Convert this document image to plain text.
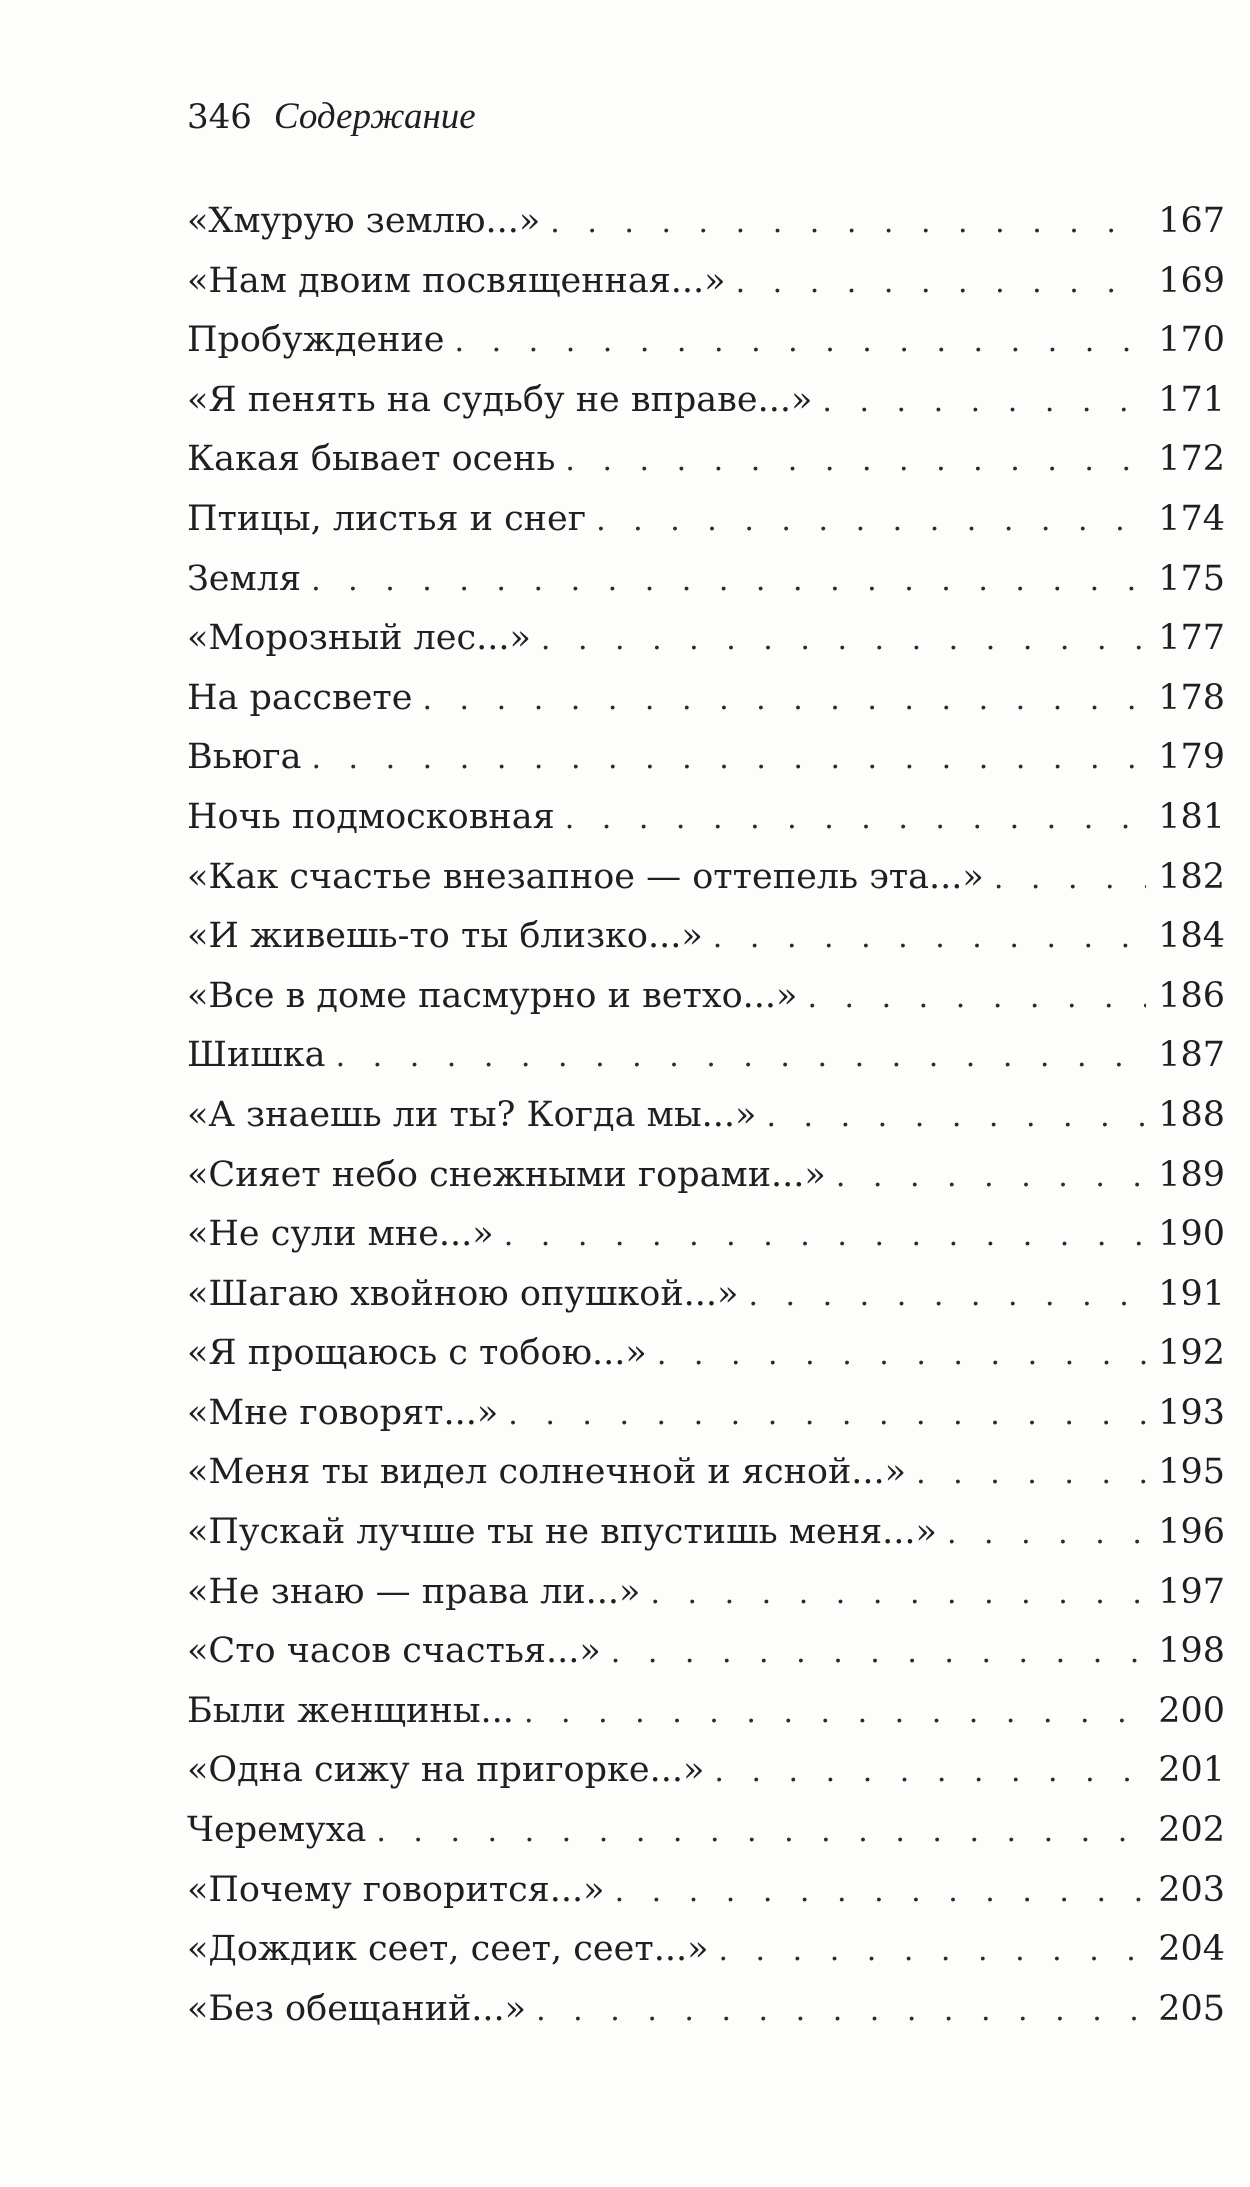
346 Содержание
«Хмурую землю...» . . .	167
«Нам двоим посвященная...» . . .	169
Пробуждение . . .	170
«Я пенять на судьбу не вправе...» . . .	171
Какая бывает осень . . .	172
Птицы, листья и снег . . .	174
Земля . . .	175
«Морозный лес...» . . .	177
На рассвете . . .	178
Вьюга . . .	179
Ночь подмосковная . . .	181
«Как счастье внезапное — оттепель эта...» . . .	182
«И живешь-то ты близко...» . . .	184
«Все в доме пасмурно и ветхо...» . . .	186
Шишка . . .	187
«А знаешь ли ты? Когда мы...» . . .	188
«Сияет небо снежными горами...» . . .	189
«Не сули мне...» . . .	190
«Шагаю хвойною опушкой...» . . .	191
«Я прощаюсь с тобою...» . . .	192
«Мне говорят...» . . .	193
«Меня ты видел солнечной и ясной...» . . .	195
«Пускай лучше ты не впустишь меня...» . . .	196
«Не знаю — права ли...» . . .	197
«Сто часов счастья...» . . .	198
Были женщины... . . .	200
«Одна сижу на пригорке...» . . .	201
Черемуха . . .	202
«Почему говорится...» . . .	203
«Дождик сеет, сеет, сеет...» . . .	204
«Без обещаний...» . . .	205
